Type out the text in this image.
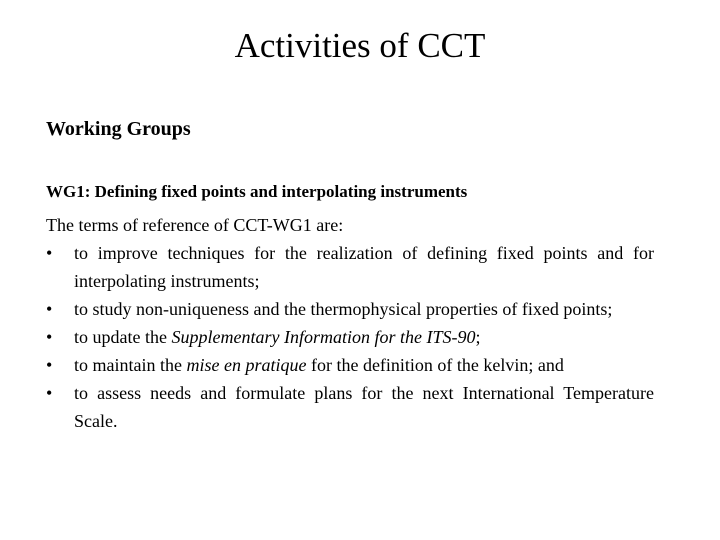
Activities of CCT
Working Groups
WG1: Defining fixed points and interpolating instruments

The terms of reference of CCT-WG1 are:

•	to improve techniques for the realization of defining fixed points and for interpolating instruments;
•	to study non-uniqueness and the thermophysical properties of fixed points;
•	to update the Supplementary Information for the ITS-90;
•	to maintain the mise en pratique for the definition of the kelvin; and
•	to assess needs and formulate plans for the next International Temperature Scale.
